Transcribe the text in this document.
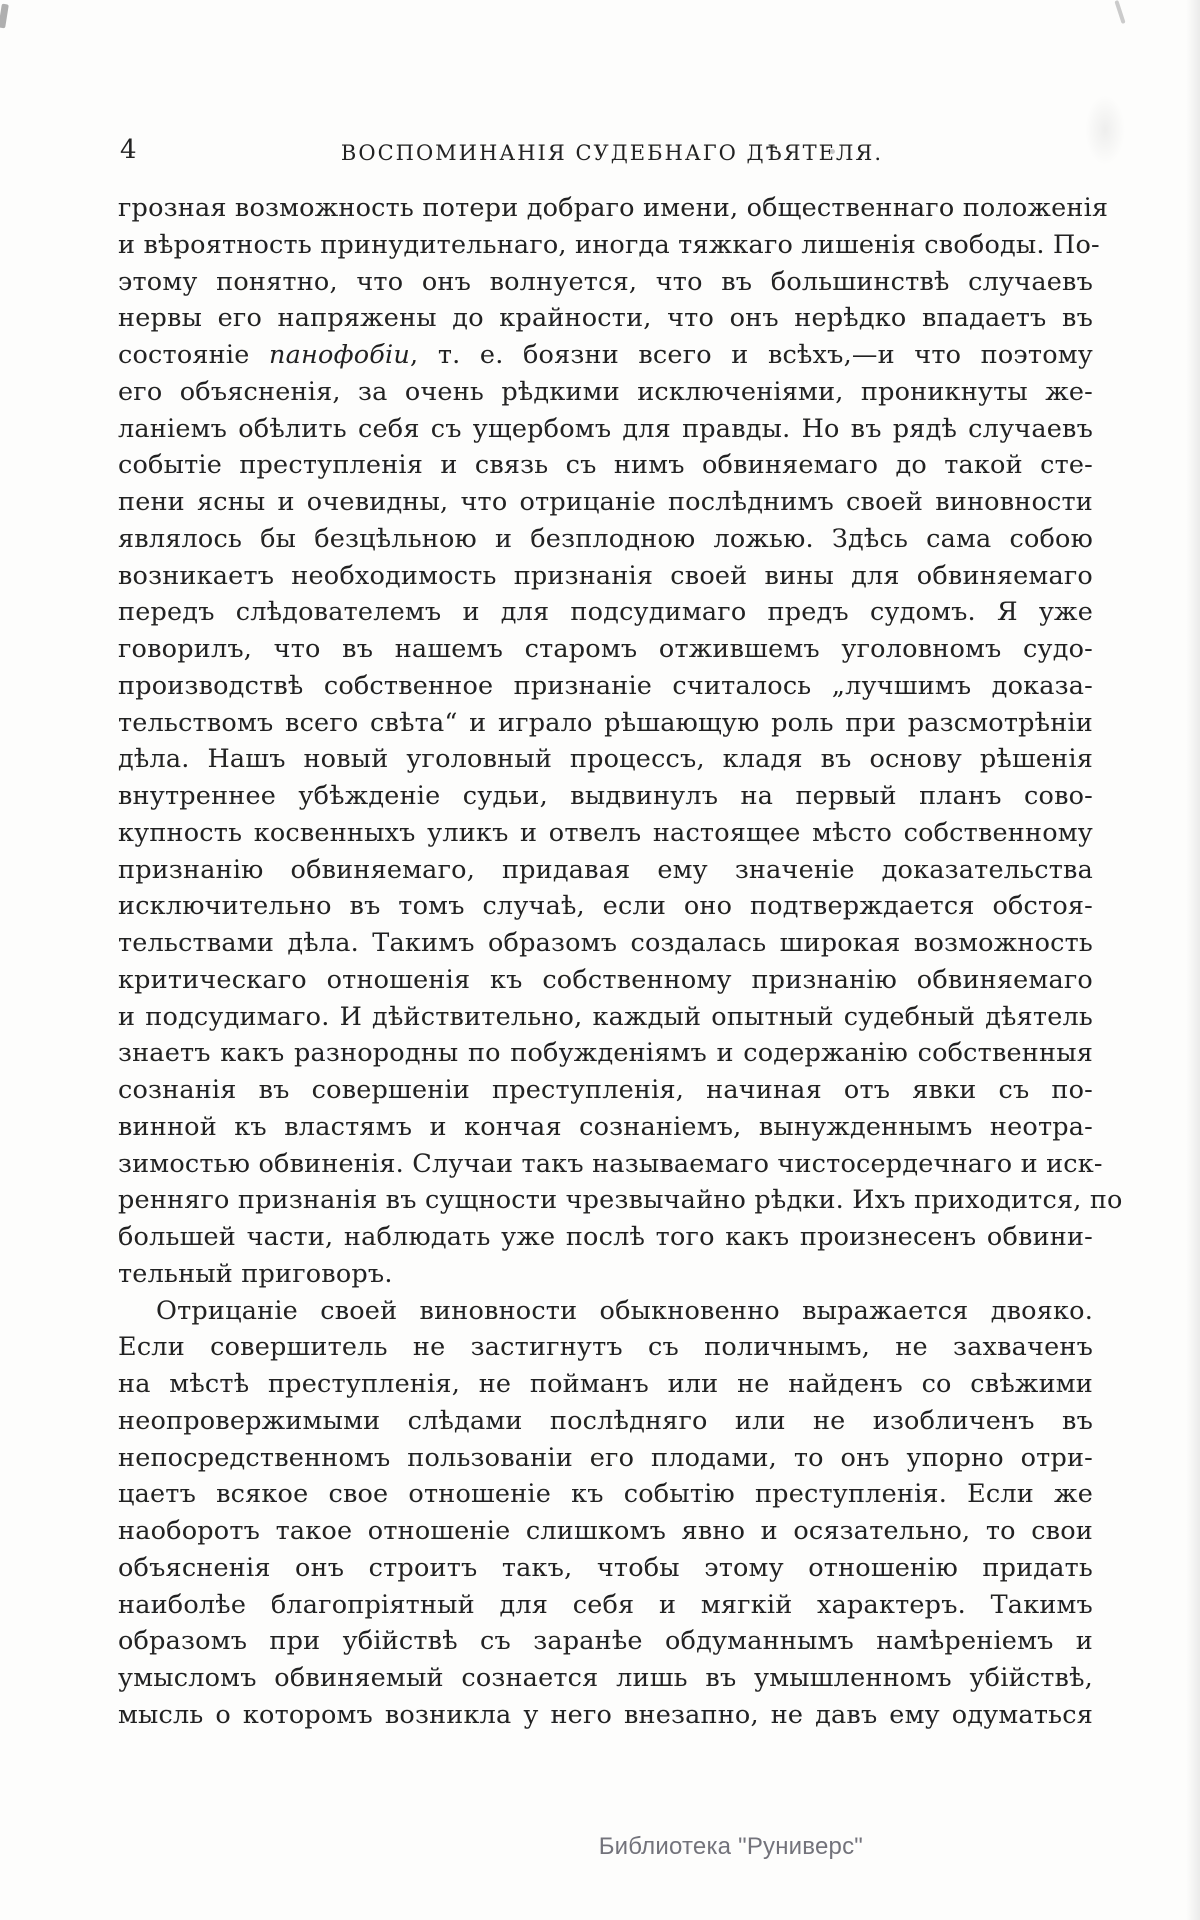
4	ВОСПОМИНАНІЯ СУДЕБНАГО ДѢЯТЕЛЯ.
грозная возможность потери добраго имени, общественнаго положенія
и вѣроятность принудительнаго, иногда тяжкаго лишенія свободы. По-
этому понятно, что онъ волнуется, что въ большинствѣ случаевъ
нервы его напряжены до крайности, что онъ нерѣдко впадаетъ въ
состояніе панофобіи, т. е. боязни всего и всѣхъ,—и что поэтому
его объясненія, за очень рѣдкими исключеніями, проникнуты же-
ланіемъ обѣлить себя съ ущербомъ для правды. Но въ рядѣ случаевъ
событіе преступленія и связь съ нимъ обвиняемаго до такой сте-
пени ясны и очевидны, что отрицаніе послѣднимъ своей виновности
являлось бы безцѣльною и безплодною ложью. Здѣсь сама собою
возникаетъ необходимость признанія своей вины для обвиняемаго
передъ слѣдователемъ и для подсудимаго предъ судомъ. Я уже
говорилъ, что въ нашемъ старомъ отжившемъ уголовномъ судо-
производствѣ собственное признаніе считалось „лучшимъ доказа-
тельствомъ всего свѣта“ и играло рѣшающую роль при разсмотрѣніи
дѣла. Нашъ новый уголовный процессъ, кладя въ основу рѣшенія
внутреннее убѣжденіе судьи, выдвинулъ на первый планъ сово-
купность косвенныхъ уликъ и отвелъ настоящее мѣсто собственному
признанію обвиняемаго, придавая ему значеніе доказательства
исключительно въ томъ случаѣ, если оно подтверждается обстоя-
тельствами дѣла. Такимъ образомъ создалась широкая возможность
критическаго отношенія къ собственному признанію обвиняемаго
и подсудимаго. И дѣйствительно, каждый опытный судебный дѣятель
знаетъ какъ разнородны по побужденіямъ и содержанію собственныя
сознанія въ совершеніи преступленія, начиная отъ явки съ по-
винной къ властямъ и кончая сознаніемъ, вынужденнымъ неотра-
зимостью обвиненія. Случаи такъ называемаго чистосердечнаго и иск-
ренняго признанія въ сущности чрезвычайно рѣдки. Ихъ приходится, по
большей части, наблюдать уже послѣ того какъ произнесенъ обвини-
тельный приговоръ.
Отрицаніе своей виновности обыкновенно выражается двояко.
Если совершитель не застигнутъ съ поличнымъ, не захваченъ
на мѣстѣ преступленія, не пойманъ или не найденъ со свѣжими
неопровержимыми слѣдами послѣдняго или не изобличенъ въ
непосредственномъ пользованіи его плодами, то онъ упорно отри-
цаетъ всякое свое отношеніе къ событію преступленія. Если же
наоборотъ такое отношеніе слишкомъ явно и осязательно, то свои
объясненія онъ строитъ такъ, чтобы этому отношенію придать
наиболѣе благопріятный для себя и мягкій характеръ. Такимъ
образомъ при убійствѣ съ заранѣе обдуманнымъ намѣреніемъ и
умысломъ обвиняемый сознается лишь въ умышленномъ убійствѣ,
мысль о которомъ возникла у него внезапно, не давъ ему одуматься
Библиотека "Руниверс"
